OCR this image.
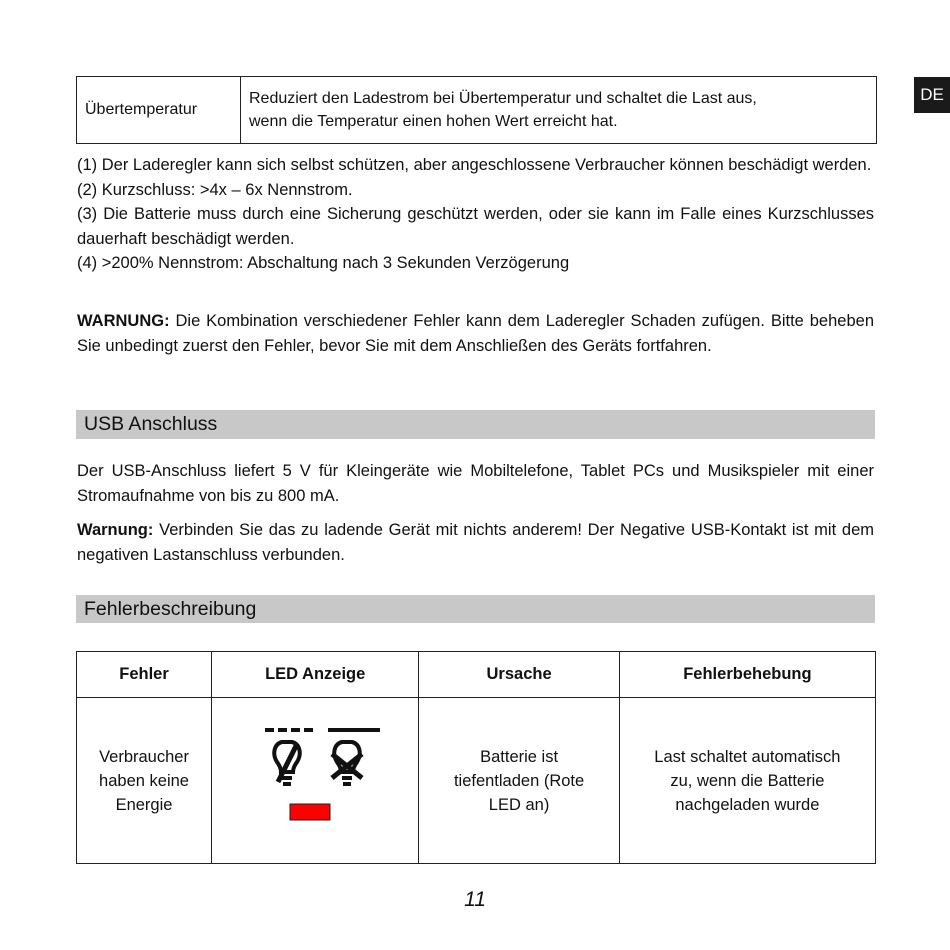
DE
Übertemperatur	Reduziert den Ladestrom bei Übertemperatur und schaltet die Last aus,
wenn die Temperatur einen hohen Wert erreicht hat.

(1) Der Laderegler kann sich selbst schützen, aber angeschlossene Verbraucher können beschädigt werden.

(2) Kurzschluss: >4x – 6x Nennstrom.

(3) Die Batterie muss durch eine Sicherung geschützt werden, oder sie kann im Falle eines Kurzschlusses dauerhaft beschädigt werden.

(4) >200% Nennstrom: Abschaltung nach 3 Sekunden Verzögerung

WARNUNG: Die Kombination verschiedener Fehler kann dem Laderegler Schaden zufügen. Bitte beheben Sie unbedingt zuerst den Fehler, bevor Sie mit dem Anschließen des Geräts fortfahren.

USB Anschluss

Der USB-Anschluss liefert 5 V für Kleingeräte wie Mobiltelefone, Tablet PCs und Musikspieler mit einer Stromaufnahme von bis zu 800 mA.

Warnung: Verbinden Sie das zu ladende Gerät mit nichts anderem! Der Negative USB-Kontakt ist mit dem negativen Lastanschluss verbunden.

Fehlerbeschreibung
Fehler	LED Anzeige	Ursache	Fehlerbehebung
Verbraucher
haben keine
Energie		Batterie ist
tiefentladen (Rote
LED an)	Last schaltet automatisch
zu, wenn die Batterie
nachgeladen wurde
11
